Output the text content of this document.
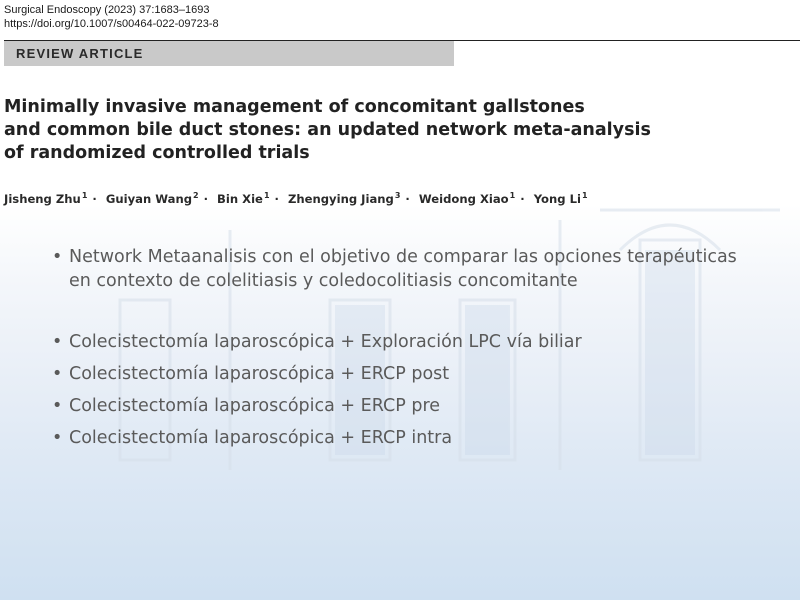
Surgical Endoscopy (2023) 37:1683–1693
https://doi.org/10.1007/s00464-022-09723-8
REVIEW ARTICLE
Minimally invasive management of concomitant gallstones
and common bile duct stones: an updated network meta-analysis
of randomized controlled trials
Jisheng Zhu$^1$ · Guiyan Wang$^2$ · Bin Xie$^1$ · Zhengying Jiang$^3$ · Weidong Xiao$^1$ · Yong Li$^1$
• Network Metaanalisis con el objetivo de comparar las opciones terapéuticas en contexto de colelitiasis y coledocolitiasis concomitante
• Colecistectomía laparoscópica + Exploración LPC vía biliar
• Colecistectomía laparoscópica + ERCP post
• Colecistectomía laparoscópica + ERCP pre
• Colecistectomía laparoscópica + ERCP intra
